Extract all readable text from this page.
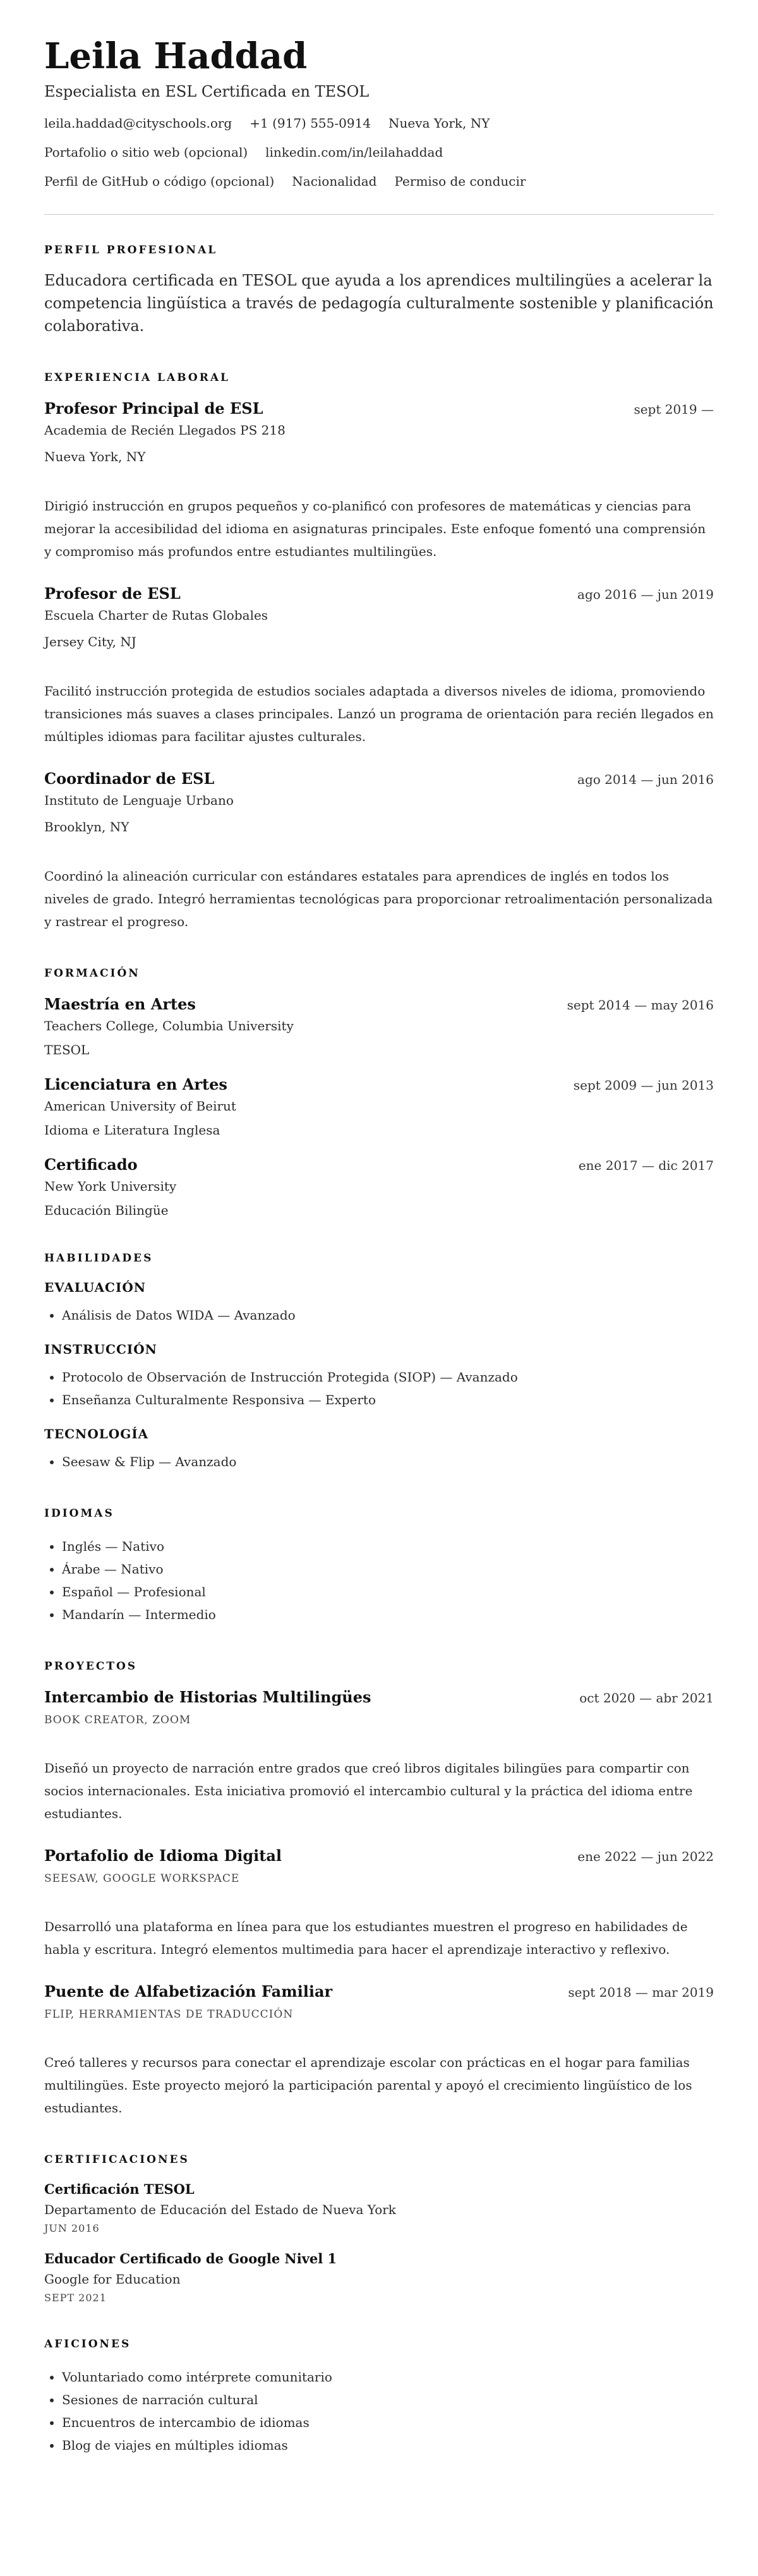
Leila Haddad
Especialista en ESL Certificada en TESOL
leila.haddad@cityschools.org +1 (917) 555-0914 Nueva York, NY
Portafolio o sitio web (opcional) linkedin.com/in/leilahaddad
Perfil de GitHub o código (opcional) Nacionalidad Permiso de conducir
PERFIL PROFESIONAL
Educadora certificada en TESOL que ayuda a los aprendices multilingües a acelerar la competencia lingüística a través de pedagogía culturalmente sostenible y planificación colaborativa.
EXPERIENCIA LABORAL
Profesor Principal de ESL	sept 2019 —
Academia de Recién Llegados PS 218
Nueva York, NY
Dirigió instrucción en grupos pequeños y co-planificó con profesores de matemáticas y ciencias para mejorar la accesibilidad del idioma en asignaturas principales. Este enfoque fomentó una comprensión y compromiso más profundos entre estudiantes multilingües.
Profesor de ESL	ago 2016 — jun 2019
Escuela Charter de Rutas Globales
Jersey City, NJ
Facilitó instrucción protegida de estudios sociales adaptada a diversos niveles de idioma, promoviendo transiciones más suaves a clases principales. Lanzó un programa de orientación para recién llegados en múltiples idiomas para facilitar ajustes culturales.
Coordinador de ESL	ago 2014 — jun 2016
Instituto de Lenguaje Urbano
Brooklyn, NY
Coordinó la alineación curricular con estándares estatales para aprendices de inglés en todos los niveles de grado. Integró herramientas tecnológicas para proporcionar retroalimentación personalizada y rastrear el progreso.
FORMACIÓN
Maestría en Artes	sept 2014 — may 2016
Teachers College, Columbia University
TESOL
Licenciatura en Artes	sept 2009 — jun 2013
American University of Beirut
Idioma e Literatura Inglesa
Certificado	ene 2017 — dic 2017
New York University
Educación Bilingüe
HABILIDADES
EVALUACIÓN
• Análisis de Datos WIDA — Avanzado
INSTRUCCIÓN
• Protocolo de Observación de Instrucción Protegida (SIOP) — Avanzado
• Enseñanza Culturalmente Responsiva — Experto
TECNOLOGÍA
• Seesaw & Flip — Avanzado
IDIOMAS
• Inglés — Nativo
• Árabe — Nativo
• Español — Profesional
• Mandarín — Intermedio
PROYECTOS
Intercambio de Historias Multilingües	oct 2020 — abr 2021
BOOK CREATOR, ZOOM
Diseñó un proyecto de narración entre grados que creó libros digitales bilingües para compartir con socios internacionales. Esta iniciativa promovió el intercambio cultural y la práctica del idioma entre estudiantes.
Portafolio de Idioma Digital	ene 2022 — jun 2022
SEESAW, GOOGLE WORKSPACE
Desarrolló una plataforma en línea para que los estudiantes muestren el progreso en habilidades de habla y escritura. Integró elementos multimedia para hacer el aprendizaje interactivo y reflexivo.
Puente de Alfabetización Familiar	sept 2018 — mar 2019
FLIP, HERRAMIENTAS DE TRADUCCIÓN
Creó talleres y recursos para conectar el aprendizaje escolar con prácticas en el hogar para familias multilingües. Este proyecto mejoró la participación parental y apoyó el crecimiento lingüístico de los estudiantes.
CERTIFICACIONES
Certificación TESOL
Departamento de Educación del Estado de Nueva York
JUN 2016
Educador Certificado de Google Nivel 1
Google for Education
SEPT 2021
AFICIONES
• Voluntariado como intérprete comunitario
• Sesiones de narración cultural
• Encuentros de intercambio de idiomas
• Blog de viajes en múltiples idiomas
